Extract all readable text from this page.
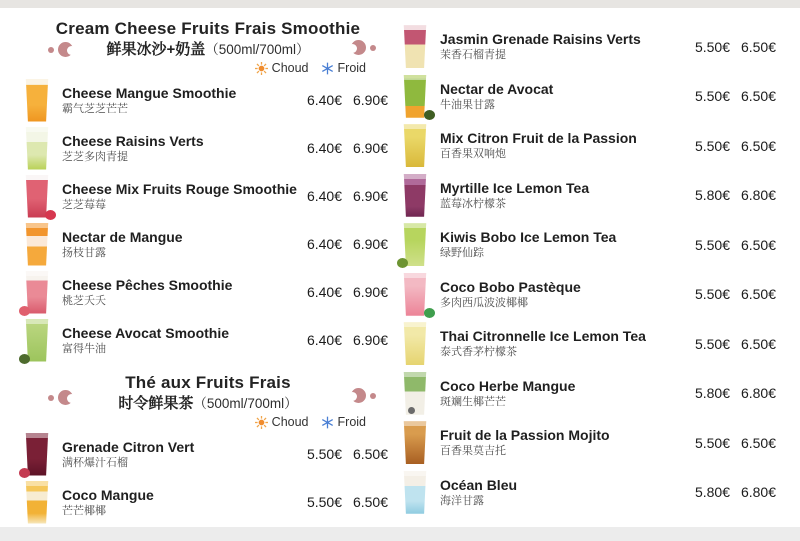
Cream Cheese Fruits Frais Smoothie
鲜果冰沙+奶盖（500ml/700ml）
Choud Froid
Cheese Mangue Smoothie
霸气芝芝芒芒
6.40€ 6.90€
Cheese Raisins Verts
芝芝多肉青提
6.40€ 6.90€
Cheese Mix Fruits Rouge Smoothie
芝芝莓莓
6.40€ 6.90€
Nectar de Mangue
扬枝甘露
6.40€ 6.90€
Cheese Pêches Smoothie
桃芝夭夭
6.40€ 6.90€
Cheese Avocat Smoothie
富得牛油
6.40€ 6.90€
Thé aux Fruits Frais
时令鲜果茶（500ml/700ml）
Choud Froid
Grenade Citron Vert
满杯爆汁石榴
5.50€ 6.50€
Coco Mangue
芒芒椰椰
5.50€ 6.50€
Jasmin Grenade Raisins Verts
茉香石榴青提
5.50€ 6.50€
Nectar de Avocat
牛油果甘露
5.50€ 6.50€
Mix Citron Fruit de la Passion
百香果双响炮
5.50€ 6.50€
Myrtille Ice Lemon Tea
蓝莓冰柠檬茶
5.80€ 6.80€
Kiwis Bobo Ice Lemon Tea
绿野仙踪
5.50€ 6.50€
Coco Bobo Pastèque
多肉西瓜波波椰椰
5.50€ 6.50€
Thai Citronnelle Ice Lemon Tea
泰式香茅柠檬茶
5.50€ 6.50€
Coco Herbe Mangue
斑斓生椰芒芒
5.80€ 6.80€
Fruit de la Passion Mojito
百香果莫吉托
5.50€ 6.50€
Océan Bleu
海洋甘露
5.80€ 6.80€
